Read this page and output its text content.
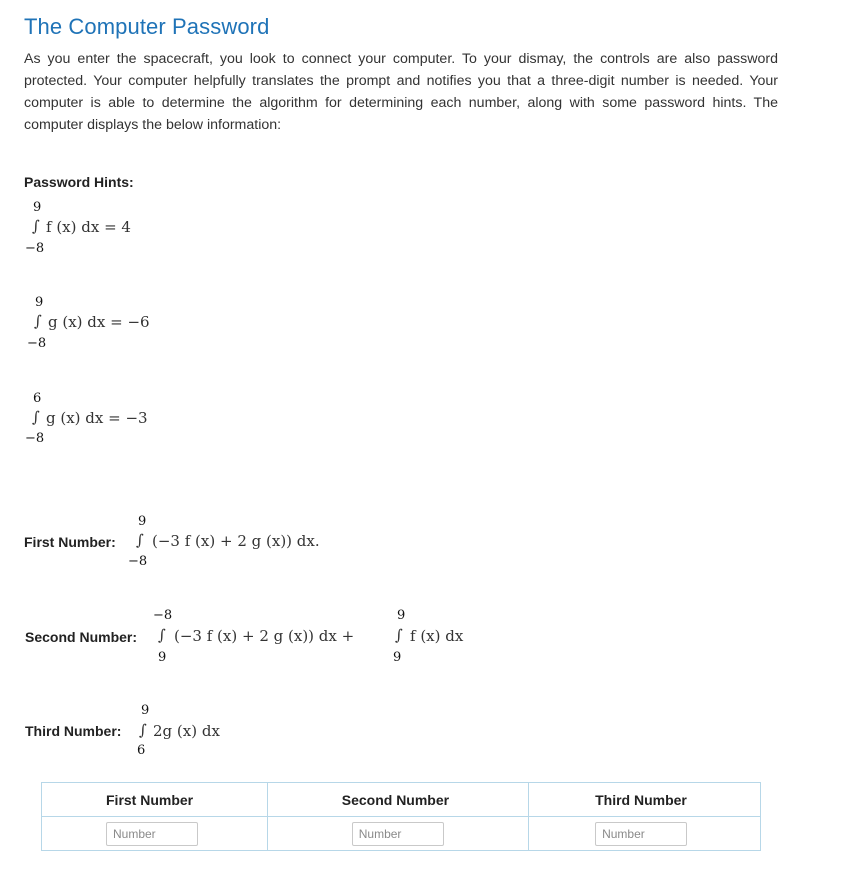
The Computer Password

As you enter the spacecraft, you look to connect your computer. To your dismay, the controls are also password protected. Your computer helpfully translates the prompt and notifies you that a three-digit number is needed. Your computer is able to determine the algorithm for determining each number, along with some password hints. The computer displays the below information:

Password Hints:
9
∫ f (x) dx = 4
−8
9
∫ g (x) dx = −6
−8
6
∫ g (x) dx = −3
−8
First Number:
9
∫ (−3 f (x) + 2 g (x)) dx.
−8
Second Number:
−8
∫ (−3 f (x) + 2 g (x)) dx +
9
9
∫ f (x) dx
9
Third Number:
9
∫ 2g (x) dx
6
First Number	Second Number	Third Number
Number	Number	Number
